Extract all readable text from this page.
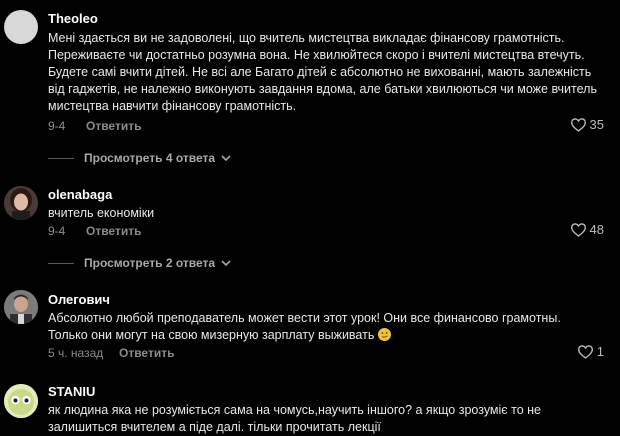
Theoleo
Мені здається ви не задоволені, що вчитель мистецтва викладає фінансову грамотність. Переживаєте чи достатньо розумна вона. Не хвилюйтеся скоро і вчителі мистецтва втечуть. Будете самі вчити дітей. Не всі але Багато дітей є абсолютно не вихованні, мають залежність від гаджетів, не належно виконують завдання вдома, але батьки хвилюються чи може вчитель мистецтва навчити фінансову грамотність.
9-4 Ответить	35
Просмотреть 4 ответа
olenabaga
вчитель економіки
9-4 Ответить	48
Просмотреть 2 ответа
Олегович
Абсолютно любой преподаватель может вести этот урок! Они все финансово грамотны. Только они могут на свою мизерную зарплату выживать
5 ч. назад Ответить	1
STANIU
як людина яка не розуміється сама на чомусь,научить іншого? а якщо зрозуміє то не залишиться вчителем а піде далі. тільки прочитать лекції
